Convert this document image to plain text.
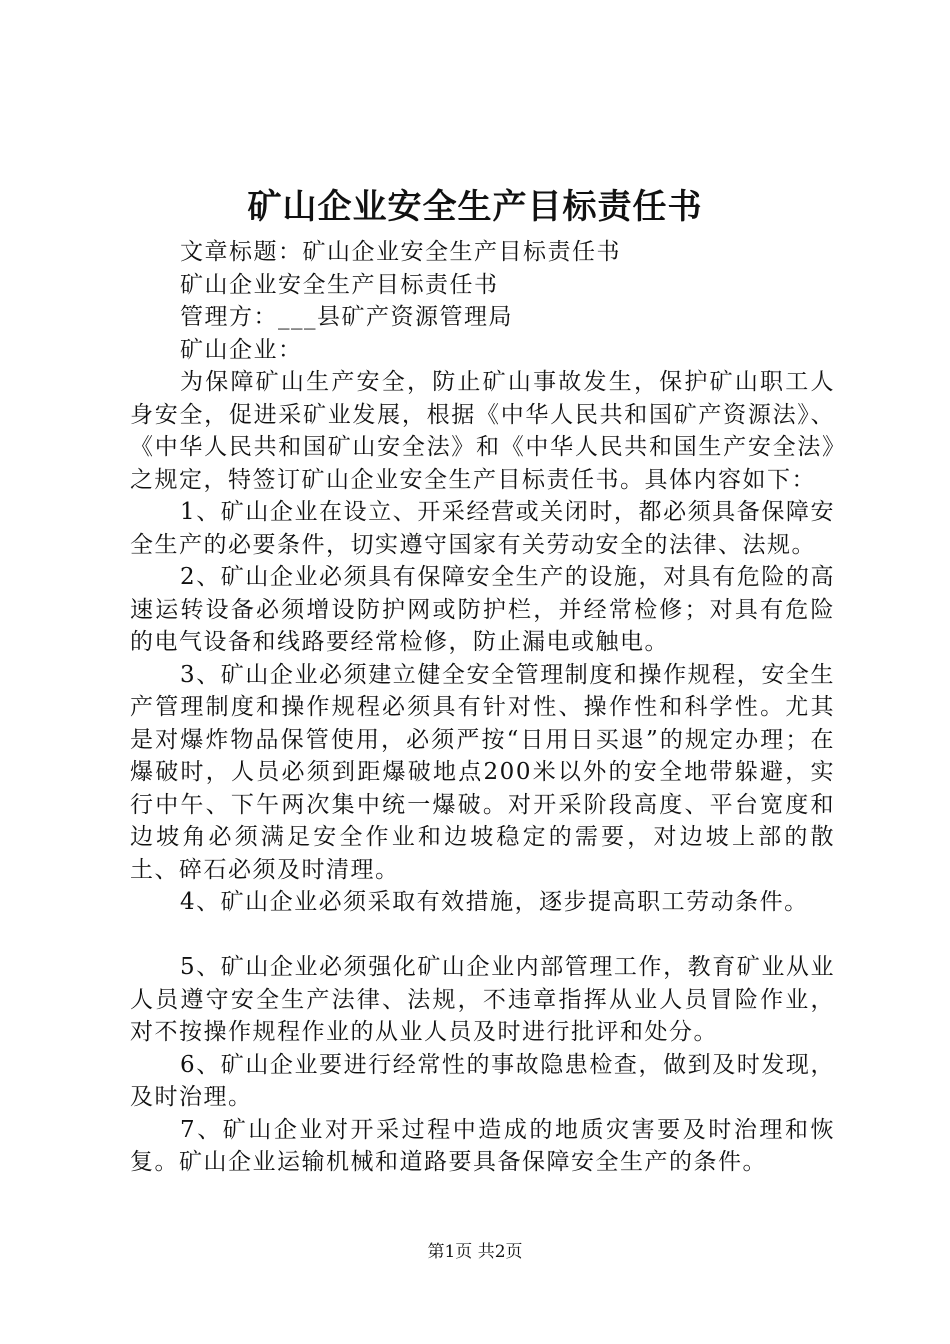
矿山企业安全生产目标责任书

文章标题：矿山企业安全生产目标责任书

矿山企业安全生产目标责任书

管理方：___县矿产资源管理局

矿山企业：

为保障矿山生产安全，防止矿山事故发生，保护矿山职工人身安全，促进采矿业发展，根据《中华人民共和国矿产资源法》、《中华人民共和国矿山安全法》和《中华人民共和国生产安全法》之规定，特签订矿山企业安全生产目标责任书。具体内容如下：

1、矿山企业在设立、开采经营或关闭时，都必须具备保障安全生产的必要条件，切实遵守国家有关劳动安全的法律、法规。

2、矿山企业必须具有保障安全生产的设施，对具有危险的高速运转设备必须增设防护网或防护栏，并经常检修；对具有危险的电气设备和线路要经常检修，防止漏电或触电。

3、矿山企业必须建立健全安全管理制度和操作规程，安全生产管理制度和操作规程必须具有针对性、操作性和科学性。尤其是对爆炸物品保管使用，必须严按“日用日买退”的规定办理；在爆破时，人员必须到距爆破地点200米以外的安全地带躲避，实行中午、下午两次集中统一爆破。对开采阶段高度、平台宽度和边坡角必须满足安全作业和边坡稳定的需要，对边坡上部的散土、碎石必须及时清理。

4、矿山企业必须采取有效措施，逐步提高职工劳动条件。

5、矿山企业必须强化矿山企业内部管理工作，教育矿业从业人员遵守安全生产法律、法规，不违章指挥从业人员冒险作业，对不按操作规程作业的从业人员及时进行批评和处分。

6、矿山企业要进行经常性的事故隐患检查，做到及时发现，及时治理。

7、矿山企业对开采过程中造成的地质灾害要及时治理和恢复。矿山企业运输机械和道路要具备保障安全生产的条件。

第1页 共2页
